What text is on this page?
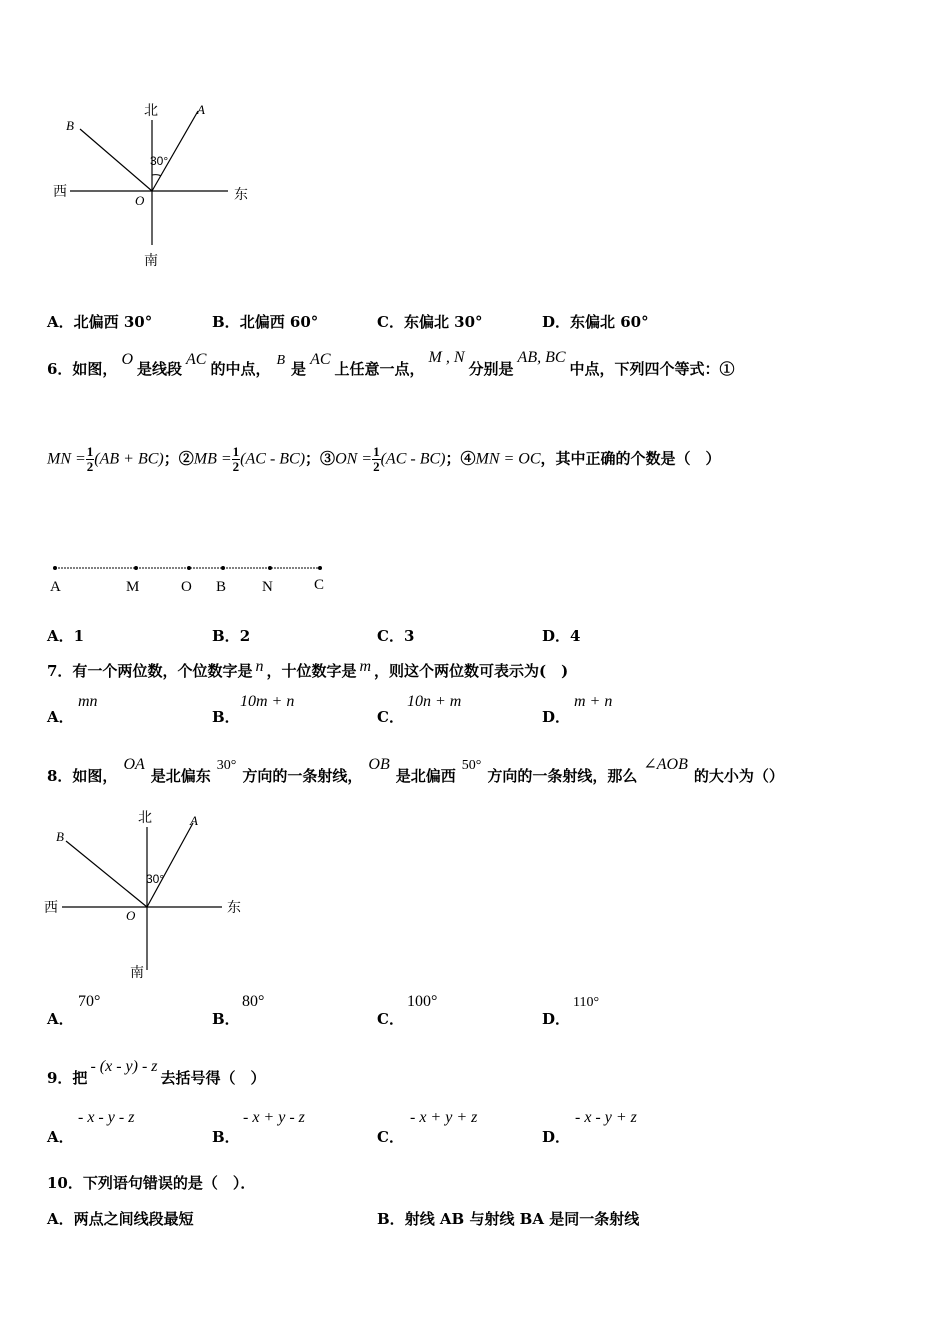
北
南
西	东
A
B
O
30°
A．北偏西 30°	B．北偏西 60°	C．东偏北 30°	D．东偏北 60°
6．如图，O是线段AC的中点， B 是AC上任意一点，M , N分别是AB, BC中点，下列四个等式：①
MN = $\frac{1}{2} (AB + BC)$；②MB = $\frac{1}{2} (AC - BC)$；③ON = $\frac{1}{2} (AC - BC)$；④MN = OC，其中正确的个数是（　）
A	M	O B N	C
A．1	B．2	C．3	D．4
7．有一个两位数，个位数字是 n ，十位数字是 m ，则这个两位数可表示为(　)
A．
mn
B．
10m + n
C．
10n + m
D．
m + n
8．如图，OA是北偏东30°方向的一条射线，OB是北偏西50°方向的一条射线，那么∠AOB的大小为（）
北
南
西	东
A
B
O
30°
A．
70°
B．
80°
C．
100°
D．
110°
9．把- (x - y) - z去括号得（　）
A．
- x - y - z
B．
- x + y - z
C．
- x + y + z
D．
- x - y + z
10．下列语句错误的是（　）．
A．两点之间线段最短	B．射线 AB 与射线 BA 是同一条射线
